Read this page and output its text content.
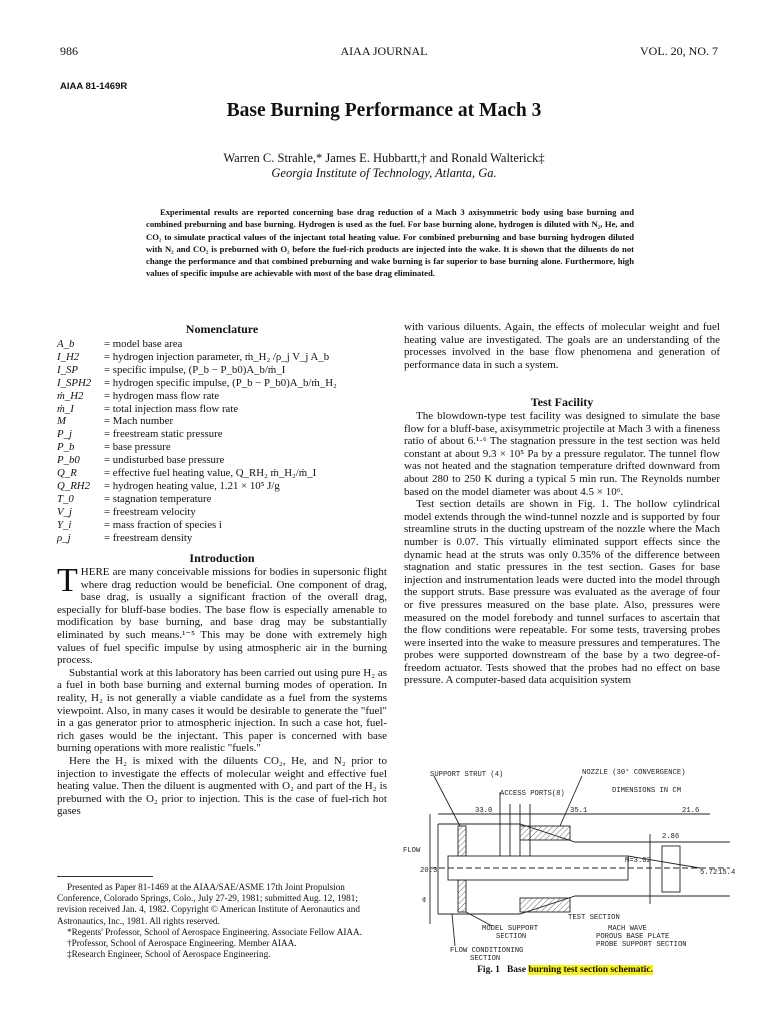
986	AIAA JOURNAL	VOL. 20, NO. 7
AIAA 81-1469R
Base Burning Performance at Mach 3
Warren C. Strahle,* James E. Hubbartt,† and Ronald Walterick‡
Georgia Institute of Technology, Atlanta, Ga.
Experimental results are reported concerning base drag reduction of a Mach 3 axisymmetric body using base burning and combined preburning and base burning. Hydrogen is used as the fuel. For base burning alone, hydrogen is diluted with N₂, He, and CO₂ to simulate practical values of the injectant total heating value. For combined preburning and base burning hydrogen diluted with N₂ and CO₂ is preburned with O₂ before the fuel-rich products are injected into the wake. It is shown that the diluents do not change the performance and that combined preburning and wake burning is far superior to base burning alone. Furthermore, high values of specific impulse are achievable with most of the base drag eliminated.
Nomenclature
A_b	= model base area
I_H2	= hydrogen injection parameter, ṁ_H₂ /ρ_j V_j A_b
I_SP	= specific impulse, (P_b − P_b0)A_b/ṁ_I
I_SPH2	= hydrogen specific impulse, (P_b − P_b0)A_b/ṁ_H₂
ṁ_H2	= hydrogen mass flow rate
ṁ_I	= total injection mass flow rate
M	= Mach number
P_j	= freestream static pressure
P_b	= base pressure
P_b0	= undisturbed base pressure
Q_R	= effective fuel heating value, Q_RH₂ ṁ_H₂/ṁ_I
Q_RH2	= hydrogen heating value, 1.21 × 10⁵ J/g
T_0	= stagnation temperature
V_j	= freestream velocity
Y_i	= mass fraction of species i
ρ_j	= freestream density
Introduction

THERE are many conceivable missions for bodies in supersonic flight where drag reduction would be beneficial. One component of drag, base drag, is usually a significant fraction of the overall drag, especially for bluff-base bodies. The base flow is especially amenable to modification by base burning, and base drag may be substantially eliminated by such means.¹⁻⁵ This may be done with extremely high values of fuel specific impulse by using atmospheric air in the burning process.

Substantial work at this laboratory has been carried out using pure H₂ as a fuel in both base burning and external burning modes of operation. In reality, H₂ is not generally a viable candidate as a fuel from the systems viewpoint. Also, in many cases it would be desirable to generate the "fuel" in a gas generator prior to atmospheric injection. In such a case hot, fuel-rich gases would be the injectant. This paper is concerned with base burning operations with more realistic "fuels."

Here the H₂ is mixed with the diluents CO₂, He, and N₂ prior to injection to investigate the effects of molecular weight and effective fuel heating value. Then the diluent is augmented with O₂ and part of the H₂ is preburned with the O₂ prior to injection. This is the case of fuel-rich hot gases

Presented as Paper 81-1469 at the AIAA/SAE/ASME 17th Joint Propulsion Conference, Colorado Springs, Colo., July 27-29, 1981; submitted Aug. 12, 1981; revision received Jan. 4, 1982. Copyright © American Institute of Aeronautics and Astronautics, Inc., 1981. All rights reserved.

*Regents' Professor, School of Aerospace Engineering. Associate Fellow AIAA.

†Professor, School of Aerospace Engineering. Member AIAA.

‡Research Engineer, School of Aerospace Engineering.

with various diluents. Again, the effects of molecular weight and fuel heating value are investigated. The goals are an understanding of the processes involved in the base flow phenomena and generation of performance data in such a system.
Test Facility

The blowdown-type test facility was designed to simulate the base flow for a bluff-base, axisymmetric projectile at Mach 3 with a fineness ratio of about 6.¹·⁶ The stagnation pressure in the test section was held constant at about 9.3 × 10⁵ Pa by a pressure regulator. The tunnel flow was not heated and the stagnation temperature drifted downward from about 280 to 250 K during a typical 5 min run. The Reynolds number based on the model diameter was about 4.5 × 10⁶.

Test section details are shown in Fig. 1. The hollow cylindrical model extends through the wind-tunnel nozzle and is supported by four streamline struts in the ducting upstream of the nozzle where the Mach number is 0.07. This virtually eliminated support effects since the dynamic head at the struts was only 0.35% of the difference between stagnation and static pressures in the test section. Gases for base injection and instrumentation leads were ducted into the model through the support struts. Base pressure was evaluated as the average of four or five pressures measured on the base plate. Also, pressures were measured on the model forebody and tunnel surfaces to ascertain that the flow conditions were repeatable. For some tests, traversing probes were inserted into the wake to measure pressures and temperatures. The probes were supported downstream of the base by a two degree-of-freedom actuator. Tests showed that the probes had no effect on base pressure. A computer-based data acquisition system

SUPPORT STRUT (4)	NOZZLE (30° CONVERGENCE)
ACCESS PORTS(8)	DIMENSIONS IN CM
33.0	35.1	21.6
2.86
M=3.02
5.72 15.4
20.3
FLOW
¢
TEST SECTION
MODEL SUPPORT
SECTION
MACH WAVE
POROUS BASE PLATE
PROBE SUPPORT SECTION
FLOW CONDITIONING
SECTION
Fig. 1   Base burning test section schematic.
